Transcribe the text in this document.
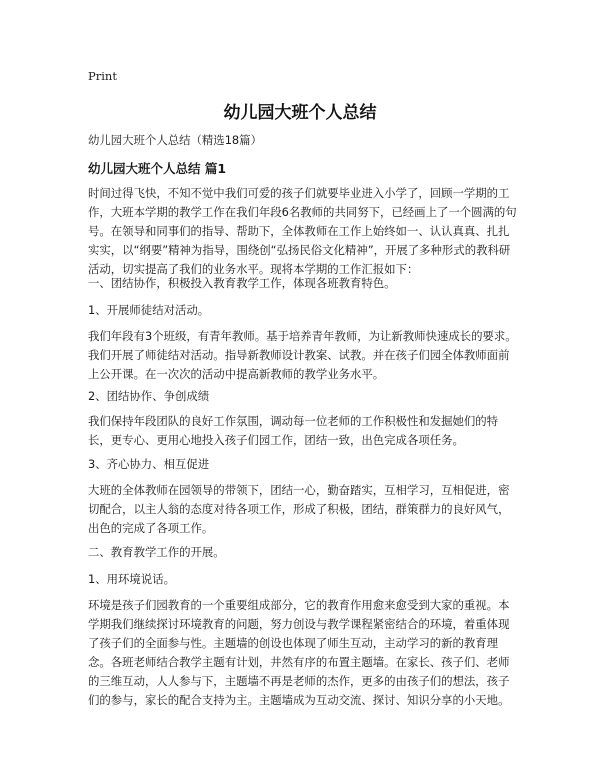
Print
幼儿园大班个人总结
幼儿园大班个人总结（精选18篇）
幼儿园大班个人总结 篇1
时间过得飞快，不知不觉中我们可爱的孩子们就要毕业进入小学了，回顾一学期的工作，大班本学期的教学工作在我们年段6名教师的共同努下，已经画上了一个圆满的句号。在领导和同事们的指导、帮助下，全体教师在工作上始终如一、认认真真、扎扎实实，以“纲要”精神为指导，围绕创“弘扬民俗文化精神”，开展了多种形式的教科研活动，切实提高了我们的业务水平。现将本学期的工作汇报如下：
一、团结协作，积极投入教育教学工作，体现各班教育特色。
1、开展师徒结对活动。
我们年段有3个班级，有青年教师。基于培养青年教师，为让新教师快速成长的要求。我们开展了师徒结对活动。指导新教师设计教案、试教。并在孩子们园全体教师面前上公开课。在一次次的活动中提高新教师的教学业务水平。
2、团结协作、争创成绩
我们保持年段团队的良好工作氛围，调动每一位老师的工作积极性和发掘她们的特长，更专心、更用心地投入孩子们园工作，团结一致，出色完成各项任务。
3、齐心协力、相互促进
大班的全体教师在园领导的带领下，团结一心，勤奋踏实，互相学习，互相促进，密切配合，以主人翁的态度对待各项工作，形成了积极，团结，群策群力的良好风气，出色的完成了各项工作。
二、教育教学工作的开展。
1、用环境说话。
环境是孩子们园教育的一个重要组成部分，它的教育作用愈来愈受到大家的重视。本学期我们继续探讨环境教育的问题，努力创设与教学课程紧密结合的环境，着重体现了孩子们的全面参与性。主题墙的创设也体现了师生互动，主动学习的新的教育理念。各班老师结合教学主题有计划，井然有序的布置主题墙。在家长、孩子们、老师的三维互动，人人参与下，主题墙不再是老师的杰作，更多的由孩子们的想法，孩子们的参与，家长的配合支持为主。主题墙成为互动交流、探讨、知识分享的小天地。
